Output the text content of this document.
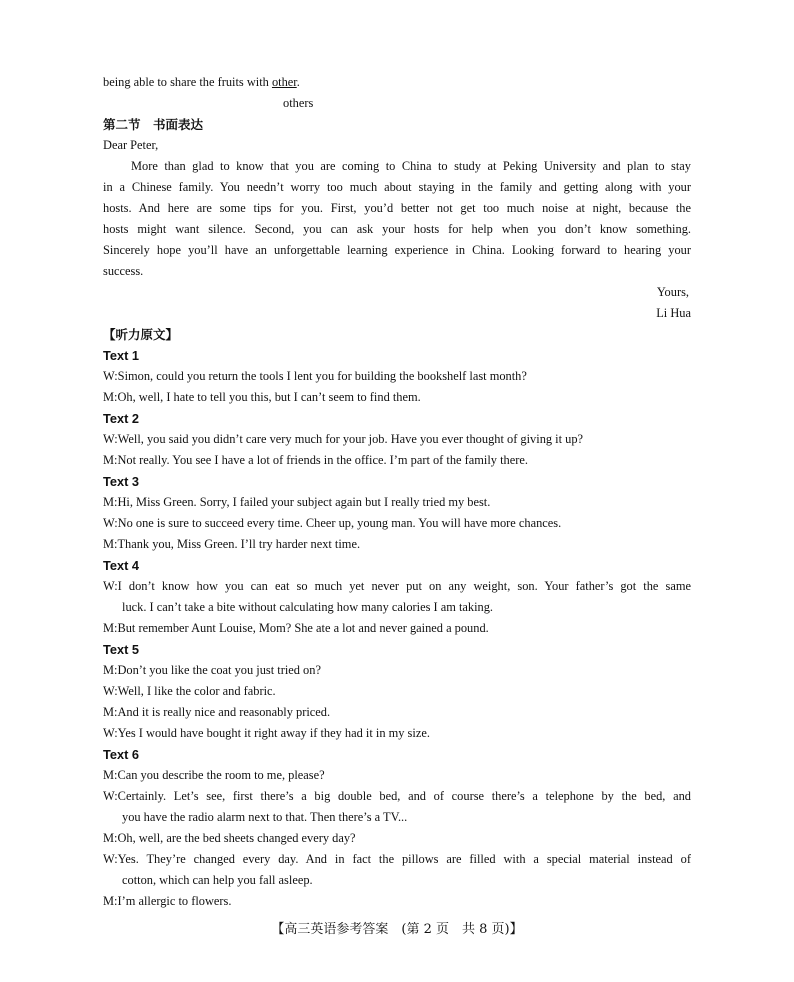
being able to share the fruits with other.
others
第二节　书面表达
Dear Peter,
More than glad to know that you are coming to China to study at Peking University and plan to stay
in a Chinese family. You needn’t worry too much about staying in the family and getting along with your
hosts. And here are some tips for you. First, you’d better not get too much noise at night, because the
hosts might want silence. Second, you can ask your hosts for help when you don’t know something.
Sincerely hope you’ll have an unforgettable learning experience in China. Looking forward to hearing your
success.
Yours,
Li Hua
【听力原文】
Text 1
W:Simon, could you return the tools I lent you for building the bookshelf last month?
M:Oh, well, I hate to tell you this, but I can’t seem to find them.
Text 2
W:Well, you said you didn’t care very much for your job. Have you ever thought of giving it up?
M:Not really. You see I have a lot of friends in the office. I’m part of the family there.
Text 3
M:Hi, Miss Green. Sorry, I failed your subject again but I really tried my best.
W:No one is sure to succeed every time. Cheer up, young man. You will have more chances.
M:Thank you, Miss Green. I’ll try harder next time.
Text 4
W:I don’t know how you can eat so much yet never put on any weight, son. Your father’s got the same
luck. I can’t take a bite without calculating how many calories I am taking.
M:But remember Aunt Louise, Mom? She ate a lot and never gained a pound.
Text 5
M:Don’t you like the coat you just tried on?
W:Well, I like the color and fabric.
M:And it is really nice and reasonably priced.
W:Yes I would have bought it right away if they had it in my size.
Text 6
M:Can you describe the room to me, please?
W:Certainly. Let’s see, first there’s a big double bed, and of course there’s a telephone by the bed, and
you have the radio alarm next to that. Then there’s a TV...
M:Oh, well, are the bed sheets changed every day?
W:Yes. They’re changed every day. And in fact the pillows are filled with a special material instead of
cotton, which can help you fall asleep.
M:I’m allergic to flowers.
【高三英语参考答案　(第 2 页　共 8 页)】
